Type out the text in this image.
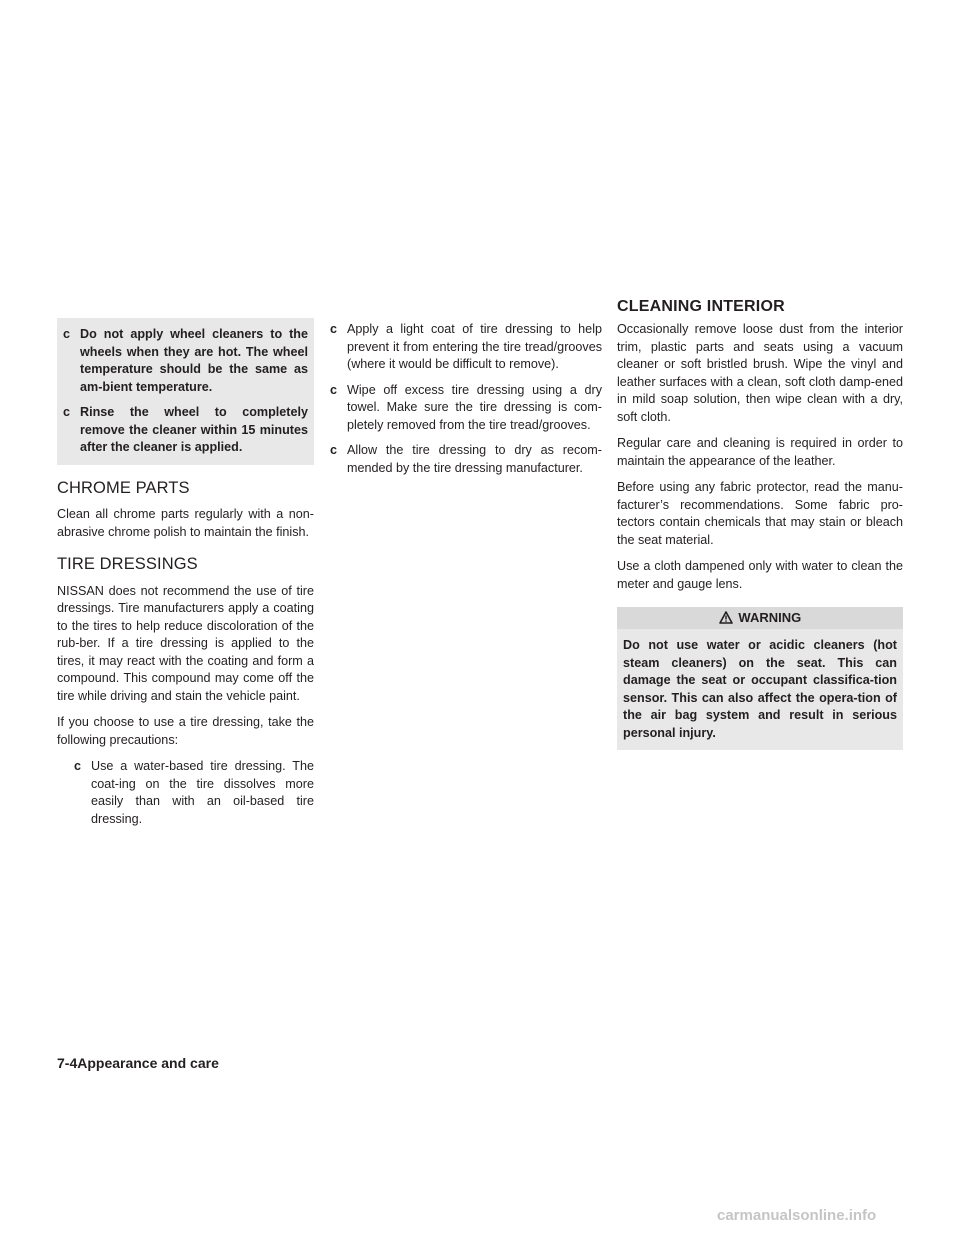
CLEANING INTERIOR
c Do not apply wheel cleaners to the wheels when they are hot. The wheel temperature should be the same as am-bient temperature.
c Rinse the wheel to completely remove the cleaner within 15 minutes after the cleaner is applied.
CHROME PARTS

Clean all chrome parts regularly with a non-abrasive chrome polish to maintain the finish.

TIRE DRESSINGS

NISSAN does not recommend the use of tire dressings. Tire manufacturers apply a coating to the tires to help reduce discoloration of the rub-ber. If a tire dressing is applied to the tires, it may react with the coating and form a compound. This compound may come off the tire while driving and stain the vehicle paint.

If you choose to use a tire dressing, take the following precautions:

c Use a water-based tire dressing. The coat-ing on the tire dissolves more easily than with an oil-based tire dressing.
c Apply a light coat of tire dressing to help prevent it from entering the tire tread/grooves (where it would be difficult to remove).
c Wipe off excess tire dressing using a dry towel. Make sure the tire dressing is com-pletely removed from the tire tread/grooves.
c Allow the tire dressing to dry as recom-mended by the tire dressing manufacturer.

Occasionally remove loose dust from the interior trim, plastic parts and seats using a vacuum cleaner or soft bristled brush. Wipe the vinyl and leather surfaces with a clean, soft cloth damp-ened in mild soap solution, then wipe clean with a dry, soft cloth.

Regular care and cleaning is required in order to maintain the appearance of the leather.

Before using any fabric protector, read the manu-facturer’s recommendations. Some fabric pro-tectors contain chemicals that may stain or bleach the seat material.

Use a cloth dampened only with water to clean the meter and gauge lens.

WARNING
Do not use water or acidic cleaners (hot steam cleaners) on the seat. This can damage the seat or occupant classifica-tion sensor. This can also affect the opera-tion of the air bag system and result in serious personal injury.
7-4Appearance and care
carmanualsonline.info
